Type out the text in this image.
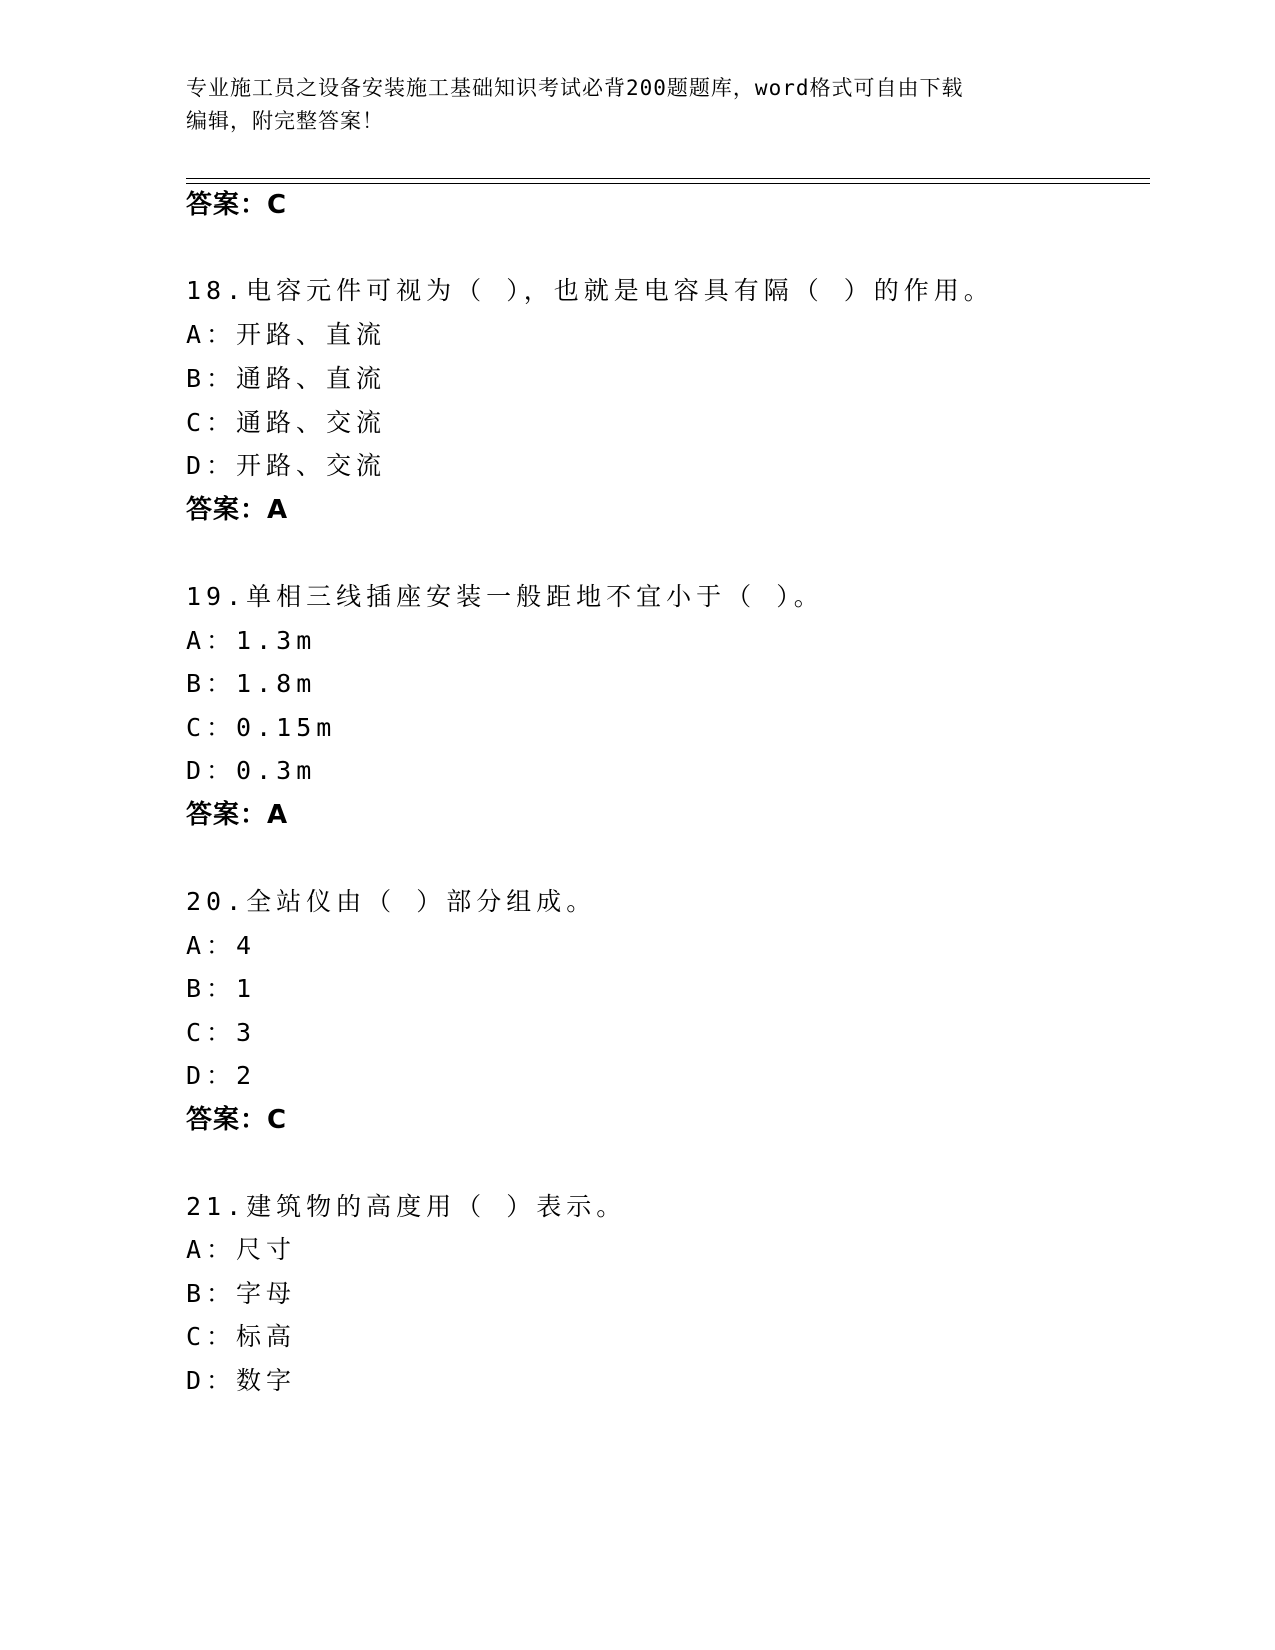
专业施工员之设备安装施工基础知识考试必背200题题库，word格式可自由下载
编辑，附完整答案！
答案：C
18.电容元件可视为（ ），也就是电容具有隔（ ）的作用。
A：开路、直流
B：通路、直流
C：通路、交流
D：开路、交流
答案：A
19.单相三线插座安装一般距地不宜小于（ ）。
A：1.3m
B：1.8m
C：0.15m
D：0.3m
答案：A
20.全站仪由（ ）部分组成。
A：4
B：1
C：3
D：2
答案：C
21.建筑物的高度用（ ）表示。
A：尺寸
B：字母
C：标高
D：数字
